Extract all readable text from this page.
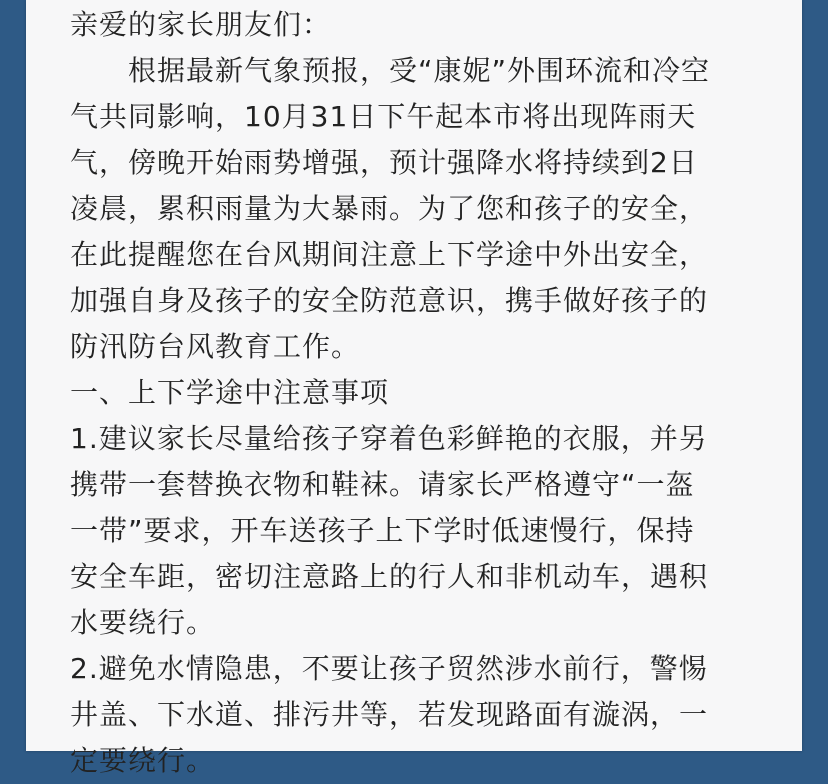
亲爱的家长朋友们：
　　根据最新气象预报，受“康妮”外围环流和冷空
气共同影响，10月31日下午起本市将出现阵雨天
气，傍晚开始雨势增强，预计强降水将持续到2日
凌晨，累积雨量为大暴雨。为了您和孩子的安全，
在此提醒您在台风期间注意上下学途中外出安全，
加强自身及孩子的安全防范意识，携手做好孩子的
防汛防台风教育工作。
一、上下学途中注意事项
1.建议家长尽量给孩子穿着色彩鲜艳的衣服，并另
携带一套替换衣物和鞋袜。请家长严格遵守“一盔
一带”要求，开车送孩子上下学时低速慢行，保持
安全车距，密切注意路上的行人和非机动车，遇积
水要绕行。
2.避免水情隐患，不要让孩子贸然涉水前行，警惕
井盖、下水道、排污井等，若发现路面有漩涡，一
定要绕行。
